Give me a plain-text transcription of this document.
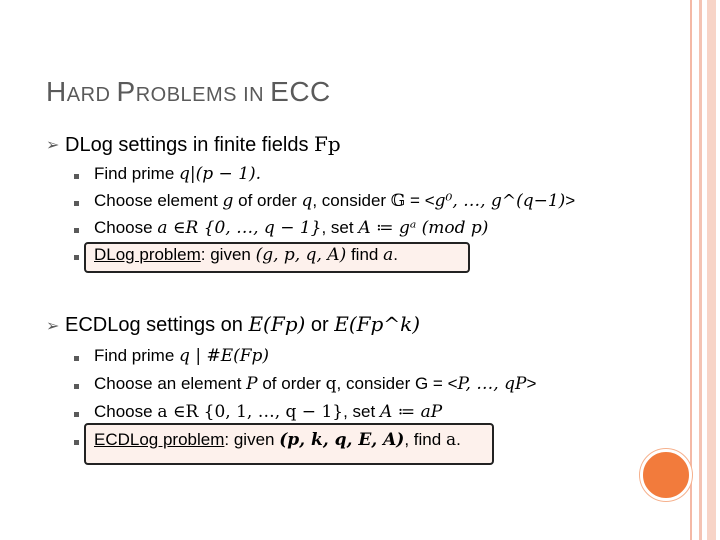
HARD PROBLEMS IN ECC
➢ DLog settings in finite fields Fp
Find prime q|(p − 1).
Choose element g of order q, consider 𝔾 = <g⁰, …, g^(q−1)>
Choose a ∈R {0, …, q − 1}, set A ≔ gᵃ (mod p)
DLog problem: given (g, p, q, A) find a.
➢ ECDLog settings on E(Fp) or E(Fp^k)
Find prime q | #E(Fp)
Choose an element P of order q, consider G = <P, …, qP>
Choose a ∈R {0, 1, …, q − 1}, set A ≔ aP
ECDLog problem: given (p, k, q, E, A), find a.
